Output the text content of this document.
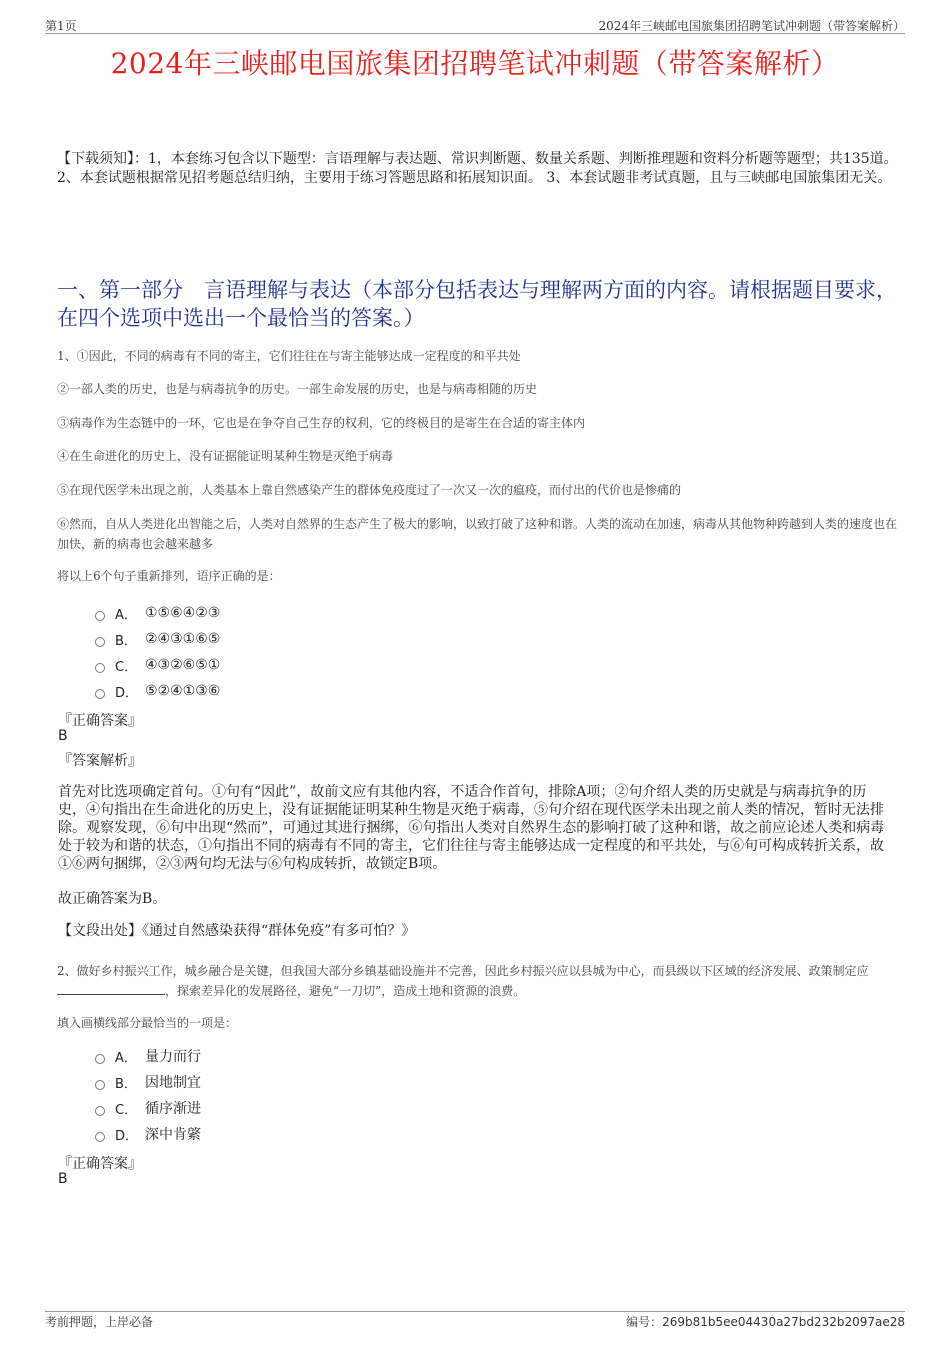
第1页	2024年三峡邮电国旅集团招聘笔试冲刺题（带答案解析）
2024年三峡邮电国旅集团招聘笔试冲刺题（带答案解析）
【下载须知】：1，本套练习包含以下题型：言语理解与表达题、常识判断题、数量关系题、判断推理题和资料分析题等题型；共135道。 2、本套试题根据常见招考题总结归纳，主要用于练习答题思路和拓展知识面。 3、本套试题非考试真题，且与三峡邮电国旅集团无关。
一、第一部分　言语理解与表达（本部分包括表达与理解两方面的内容。请根据题目要求，在四个选项中选出一个最恰当的答案。）
1、①因此，不同的病毒有不同的寄主，它们往往在与寄主能够达成一定程度的和平共处
②一部人类的历史，也是与病毒抗争的历史。一部生命发展的历史，也是与病毒相随的历史
③病毒作为生态链中的一环，它也是在争夺自己生存的权利，它的终极目的是寄生在合适的寄主体内
④在生命进化的历史上，没有证据能证明某种生物是灭绝于病毒
⑤在现代医学未出现之前，人类基本上靠自然感染产生的群体免疫度过了一次又一次的瘟疫，而付出的代价也是惨痛的
⑥然而，自从人类进化出智能之后，人类对自然界的生态产生了极大的影响，以致打破了这种和谐。人类的流动在加速，病毒从其他物种跨越到人类的速度也在加快，新的病毒也会越来越多
将以上6个句子重新排列，语序正确的是：
A． ①⑤⑥④②③
B． ②④③①⑥⑤
C． ④③②⑥⑤①
D． ⑤②④①③⑥
『正确答案』
B
『答案解析』
首先对比选项确定首句。①句有“因此”，故前文应有其他内容，不适合作首句，排除A项；②句介绍人类的历史就是与病毒抗争的历史，④句指出在生命进化的历史上，没有证据能证明某种生物是灭绝于病毒，⑤句介绍在现代医学未出现之前人类的情况，暂时无法排除。观察发现，⑥句中出现“然而”，可通过其进行捆绑，⑥句指出人类对自然界生态的影响打破了这种和谐，故之前应论述人类和病毒处于较为和谐的状态，①句指出不同的病毒有不同的寄主，它们往往与寄主能够达成一定程度的和平共处，与⑥句可构成转折关系，故①⑥两句捆绑，②③两句均无法与⑥句构成转折，故锁定B项。
故正确答案为B。
【文段出处】《通过自然感染获得“群体免疫”有多可怕？》
2、做好乡村振兴工作，城乡融合是关键，但我国大部分乡镇基础设施并不完善，因此乡村振兴应以县城为中心，而县级以下区域的经济发展、政策制定应，探索差异化的发展路径，避免“一刀切”，造成土地和资源的浪费。
填入画横线部分最恰当的一项是：
A． 量力而行
B． 因地制宜
C． 循序渐进
D． 深中肯綮
『正确答案』
B
考前押题，上岸必备	编号：269b81b5ee04430a27bd232b2097ae28
